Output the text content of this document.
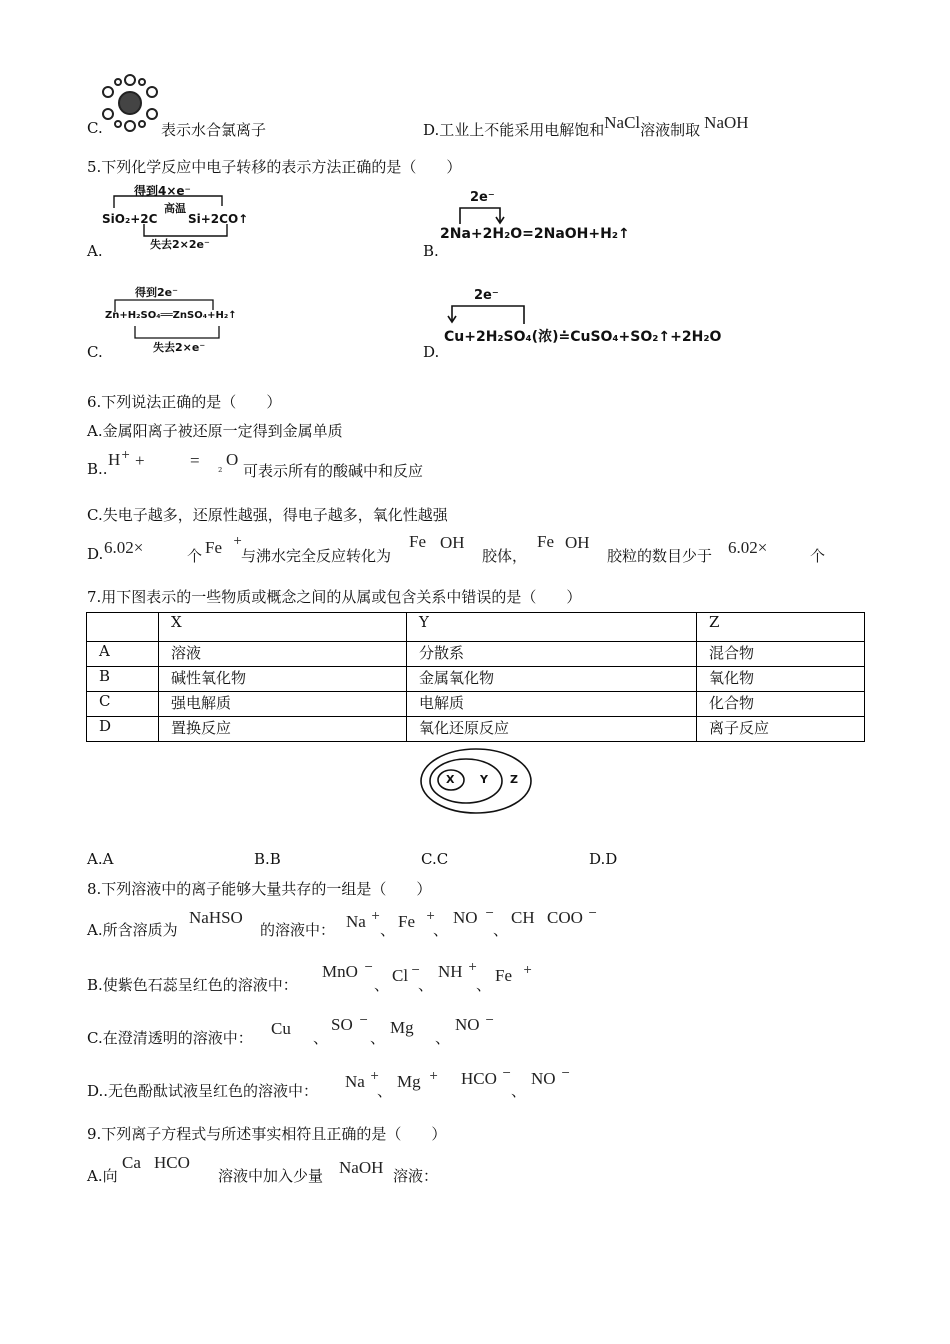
C.	表示水合氯离子	D.工业上不能采用电解饱和NaCl溶液制取 NaOH
5.下列化学反应中电子转移的表示方法正确的是（　　）
A.
得到4×e⁻
高温
SiO₂+2C	Si+2CO↑
失去2×2e⁻	B.
2e⁻
2Na+2H₂O=2NaOH+H₂↑
C.
得到2e⁻
Zn+H₂SO₄══ZnSO₄+H₂↑
失去2×e⁻	D.
2e⁻
Cu+2H₂SO₄(浓)≐CuSO₄+SO₂↑+2H₂O
6.下列说法正确的是（　　）
A.金属阳离子被还原一定得到金属单质
B.. H + +	= ₂ O
可表示所有的酸碱中和反应
C.失电子越多，还原性越强，得电子越多，氧化性越强
D. 6.02×	个 Fe +
与沸水完全反应转化为
Fe OH
胶体，
Fe OH
胶粒的数目少于 6.02×	个
7.用下图表示的一些物质或概念之间的从属或包含关系中错误的是（　　）
	X	Y	Z
A	溶液	分散系	混合物
B	碱性氧化物	金属氧化物	氧化物
C	强电解质	电解质	化合物
D	置换反应	氧化还原反应	离子反应
X Y Z
A.A	B.B	C.C	D.D
8.下列溶液中的离子能够大量共存的一组是（　　）
A.所含溶质为
NaHSO
的溶液中： Na +
、 Fe +
、
NO −
、
CH COO −
B.使紫色石蕊呈红色的溶液中：
MnO −
、 Cl −
、
NH +
、 Fe +
C.在澄清透明的溶液中： Cu 、
SO −
、
Mg
、
NO −
D..无色酚酞试液呈红色的溶液中： Na +
、 Mg + HCO −
、
NO −
9.下列离子方程式与所述事实相符且正确的是（　　）
A.向
Ca HCO
溶液中加入少量 NaOH 溶液：
